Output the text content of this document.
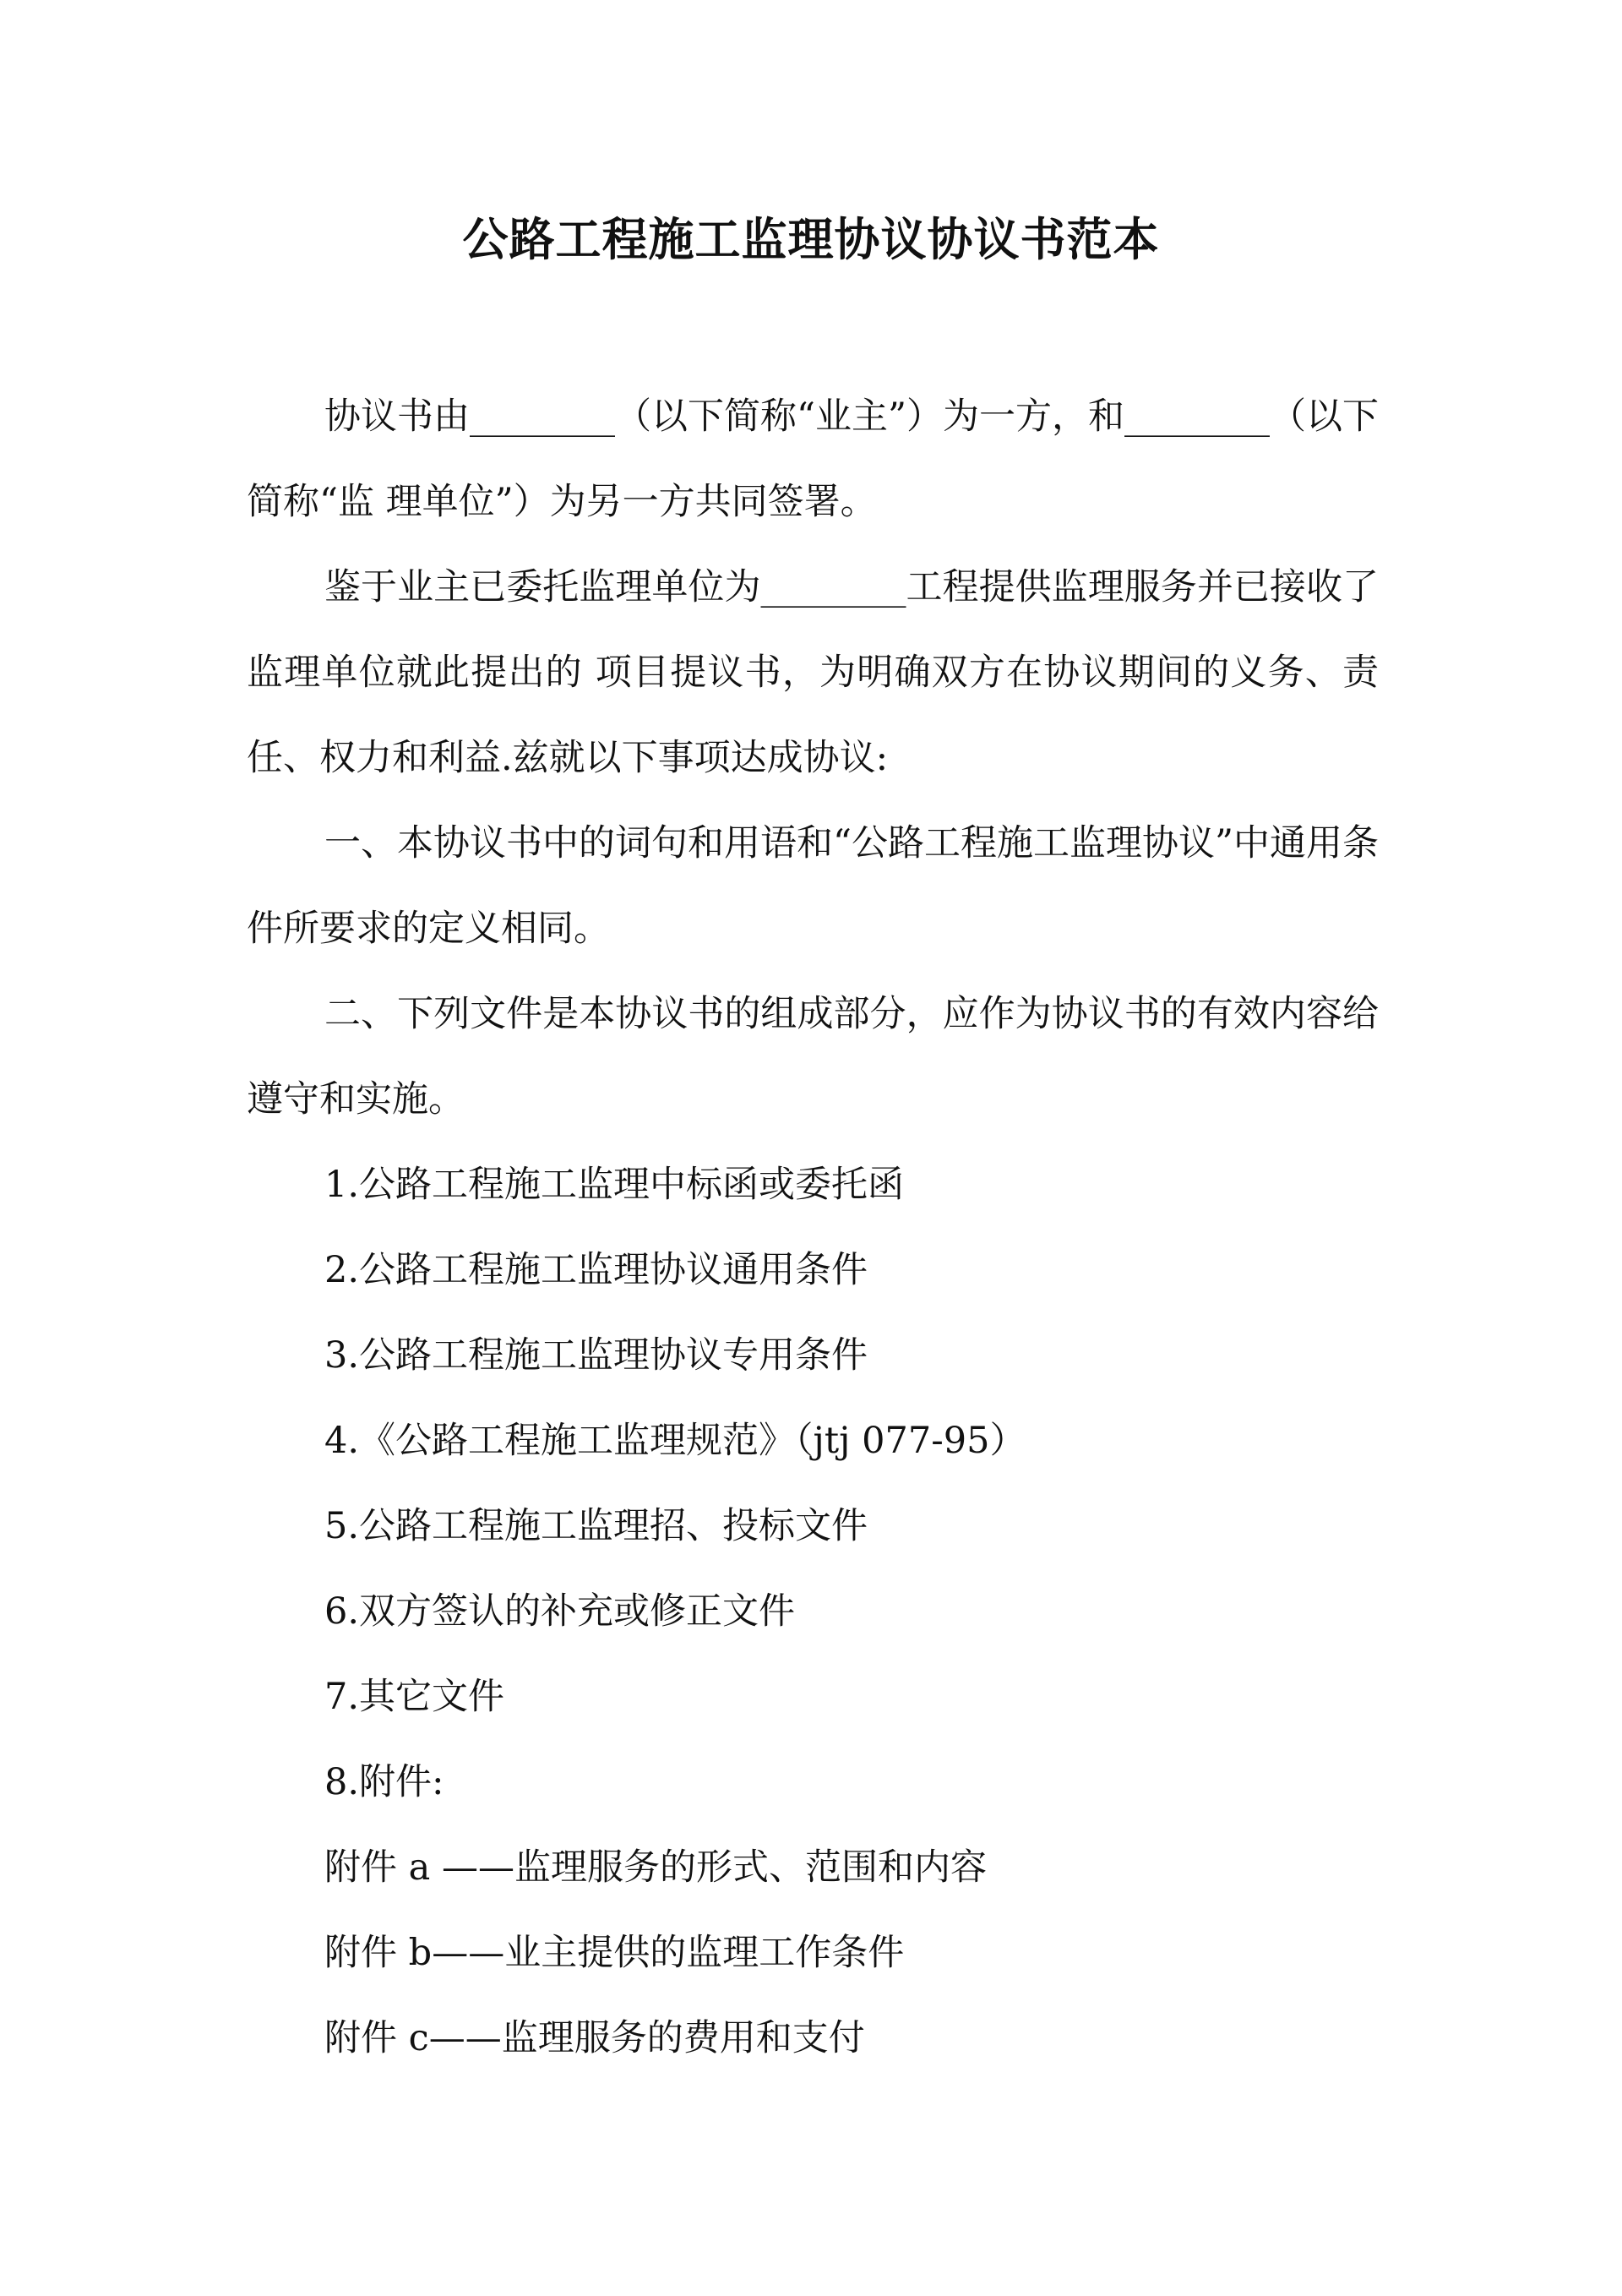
公路工程施工监理协议协议书范本

协议书由________（以下简称“业主”）为一方，和________（以下简称“监 理单位”）为另一方共同签署。

鉴于业主已委托监理单位为________工程提供监理服务并已接收了监理单位就此提出的 项目提议书，为明确双方在协议期间的义务、责任、权力和利益.兹就以下事项达成协议:

一、本协议书中的词句和用语和“公路工程施工监理协议”中通用条件所要求的定义相同。

二、下列文件是本协议书的组成部分，应作为协议书的有效内容给遵守和实施。

1.公路工程施工监理中标函或委托函
2.公路工程施工监理协议通用条件
3.公路工程施工监理协议专用条件
4.《公路工程施工监理规范》（jtj 077-95）
5.公路工程施工监理招、投标文件
6.双方签认的补充或修正文件
7.其它文件
8.附件:
附件 a ——监理服务的形式、范围和内容
附件 b——业主提供的监理工作条件
附件 c——监理服务的费用和支付
